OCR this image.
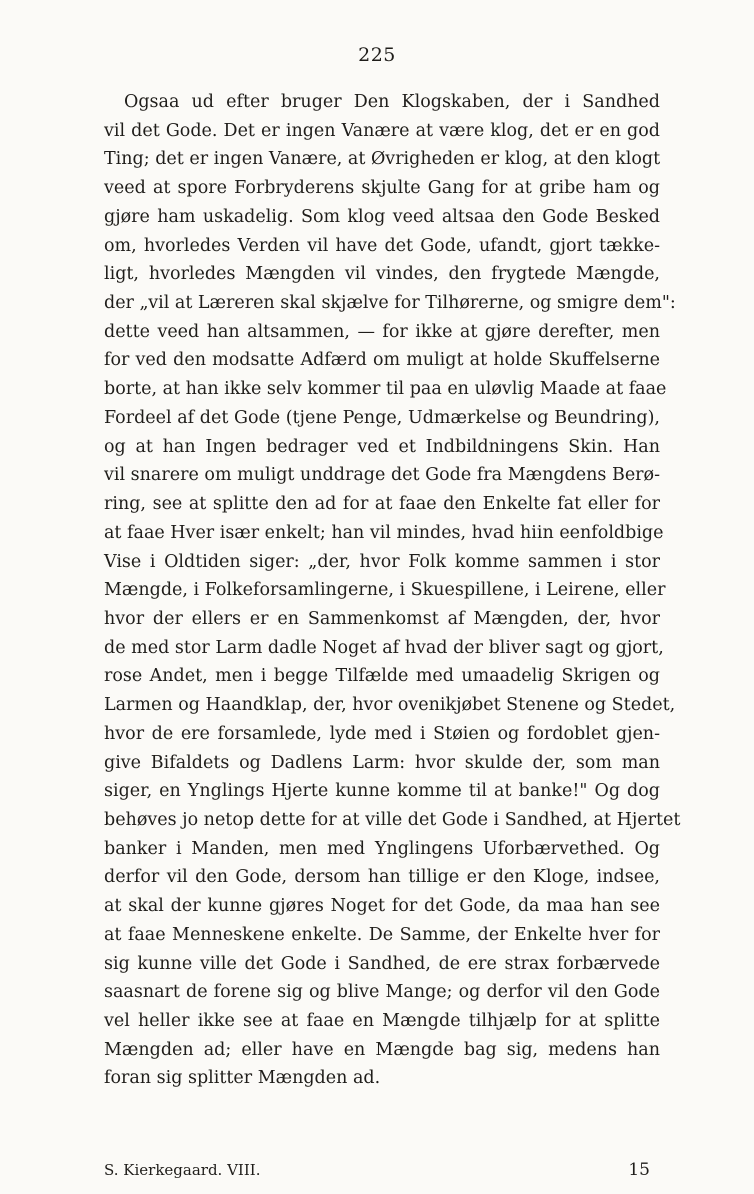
225
Ogsaa ud efter bruger Den Klogskaben, der i Sandhed
vil det Gode. Det er ingen Vanære at være klog, det er en god
Ting; det er ingen Vanære, at Øvrigheden er klog, at den klogt
veed at spore Forbryderens skjulte Gang for at gribe ham og
gjøre ham uskadelig. Som klog veed altsaa den Gode Besked
om, hvorledes Verden vil have det Gode, ufandt, gjort tække-
ligt, hvorledes Mængden vil vindes, den frygtede Mængde,
der „vil at Læreren skal skjælve for Tilhørerne, og smigre dem":
dette veed han altsammen, — for ikke at gjøre derefter, men
for ved den modsatte Adfærd om muligt at holde Skuffelserne
borte, at han ikke selv kommer til paa en uløvlig Maade at faae
Fordeel af det Gode (tjene Penge, Udmærkelse og Beundring),
og at han Ingen bedrager ved et Indbildningens Skin. Han
vil snarere om muligt unddrage det Gode fra Mængdens Berø-
ring, see at splitte den ad for at faae den Enkelte fat eller for
at faae Hver især enkelt; han vil mindes, hvad hiin eenfoldbige
Vise i Oldtiden siger: „der, hvor Folk komme sammen i stor
Mængde, i Folkeforsamlingerne, i Skuespillene, i Leirene, eller
hvor der ellers er en Sammenkomst af Mængden, der, hvor
de med stor Larm dadle Noget af hvad der bliver sagt og gjort,
rose Andet, men i begge Tilfælde med umaadelig Skrigen og
Larmen og Haandklap, der, hvor ovenikjøbet Stenene og Stedet,
hvor de ere forsamlede, lyde med i Støien og fordoblet gjen-
give Bifaldets og Dadlens Larm: hvor skulde der, som man
siger, en Ynglings Hjerte kunne komme til at banke!" Og dog
behøves jo netop dette for at ville det Gode i Sandhed, at Hjertet
banker i Manden, men med Ynglingens Uforbærvethed. Og
derfor vil den Gode, dersom han tillige er den Kloge, indsee,
at skal der kunne gjøres Noget for det Gode, da maa han see
at faae Menneskene enkelte. De Samme, der Enkelte hver for
sig kunne ville det Gode i Sandhed, de ere strax forbærvede
saasnart de forene sig og blive Mange; og derfor vil den Gode
vel heller ikke see at faae en Mængde tilhjælp for at splitte
Mængden ad; eller have en Mængde bag sig, medens han
foran sig splitter Mængden ad.
S. Kierkegaard. VIII.	15
